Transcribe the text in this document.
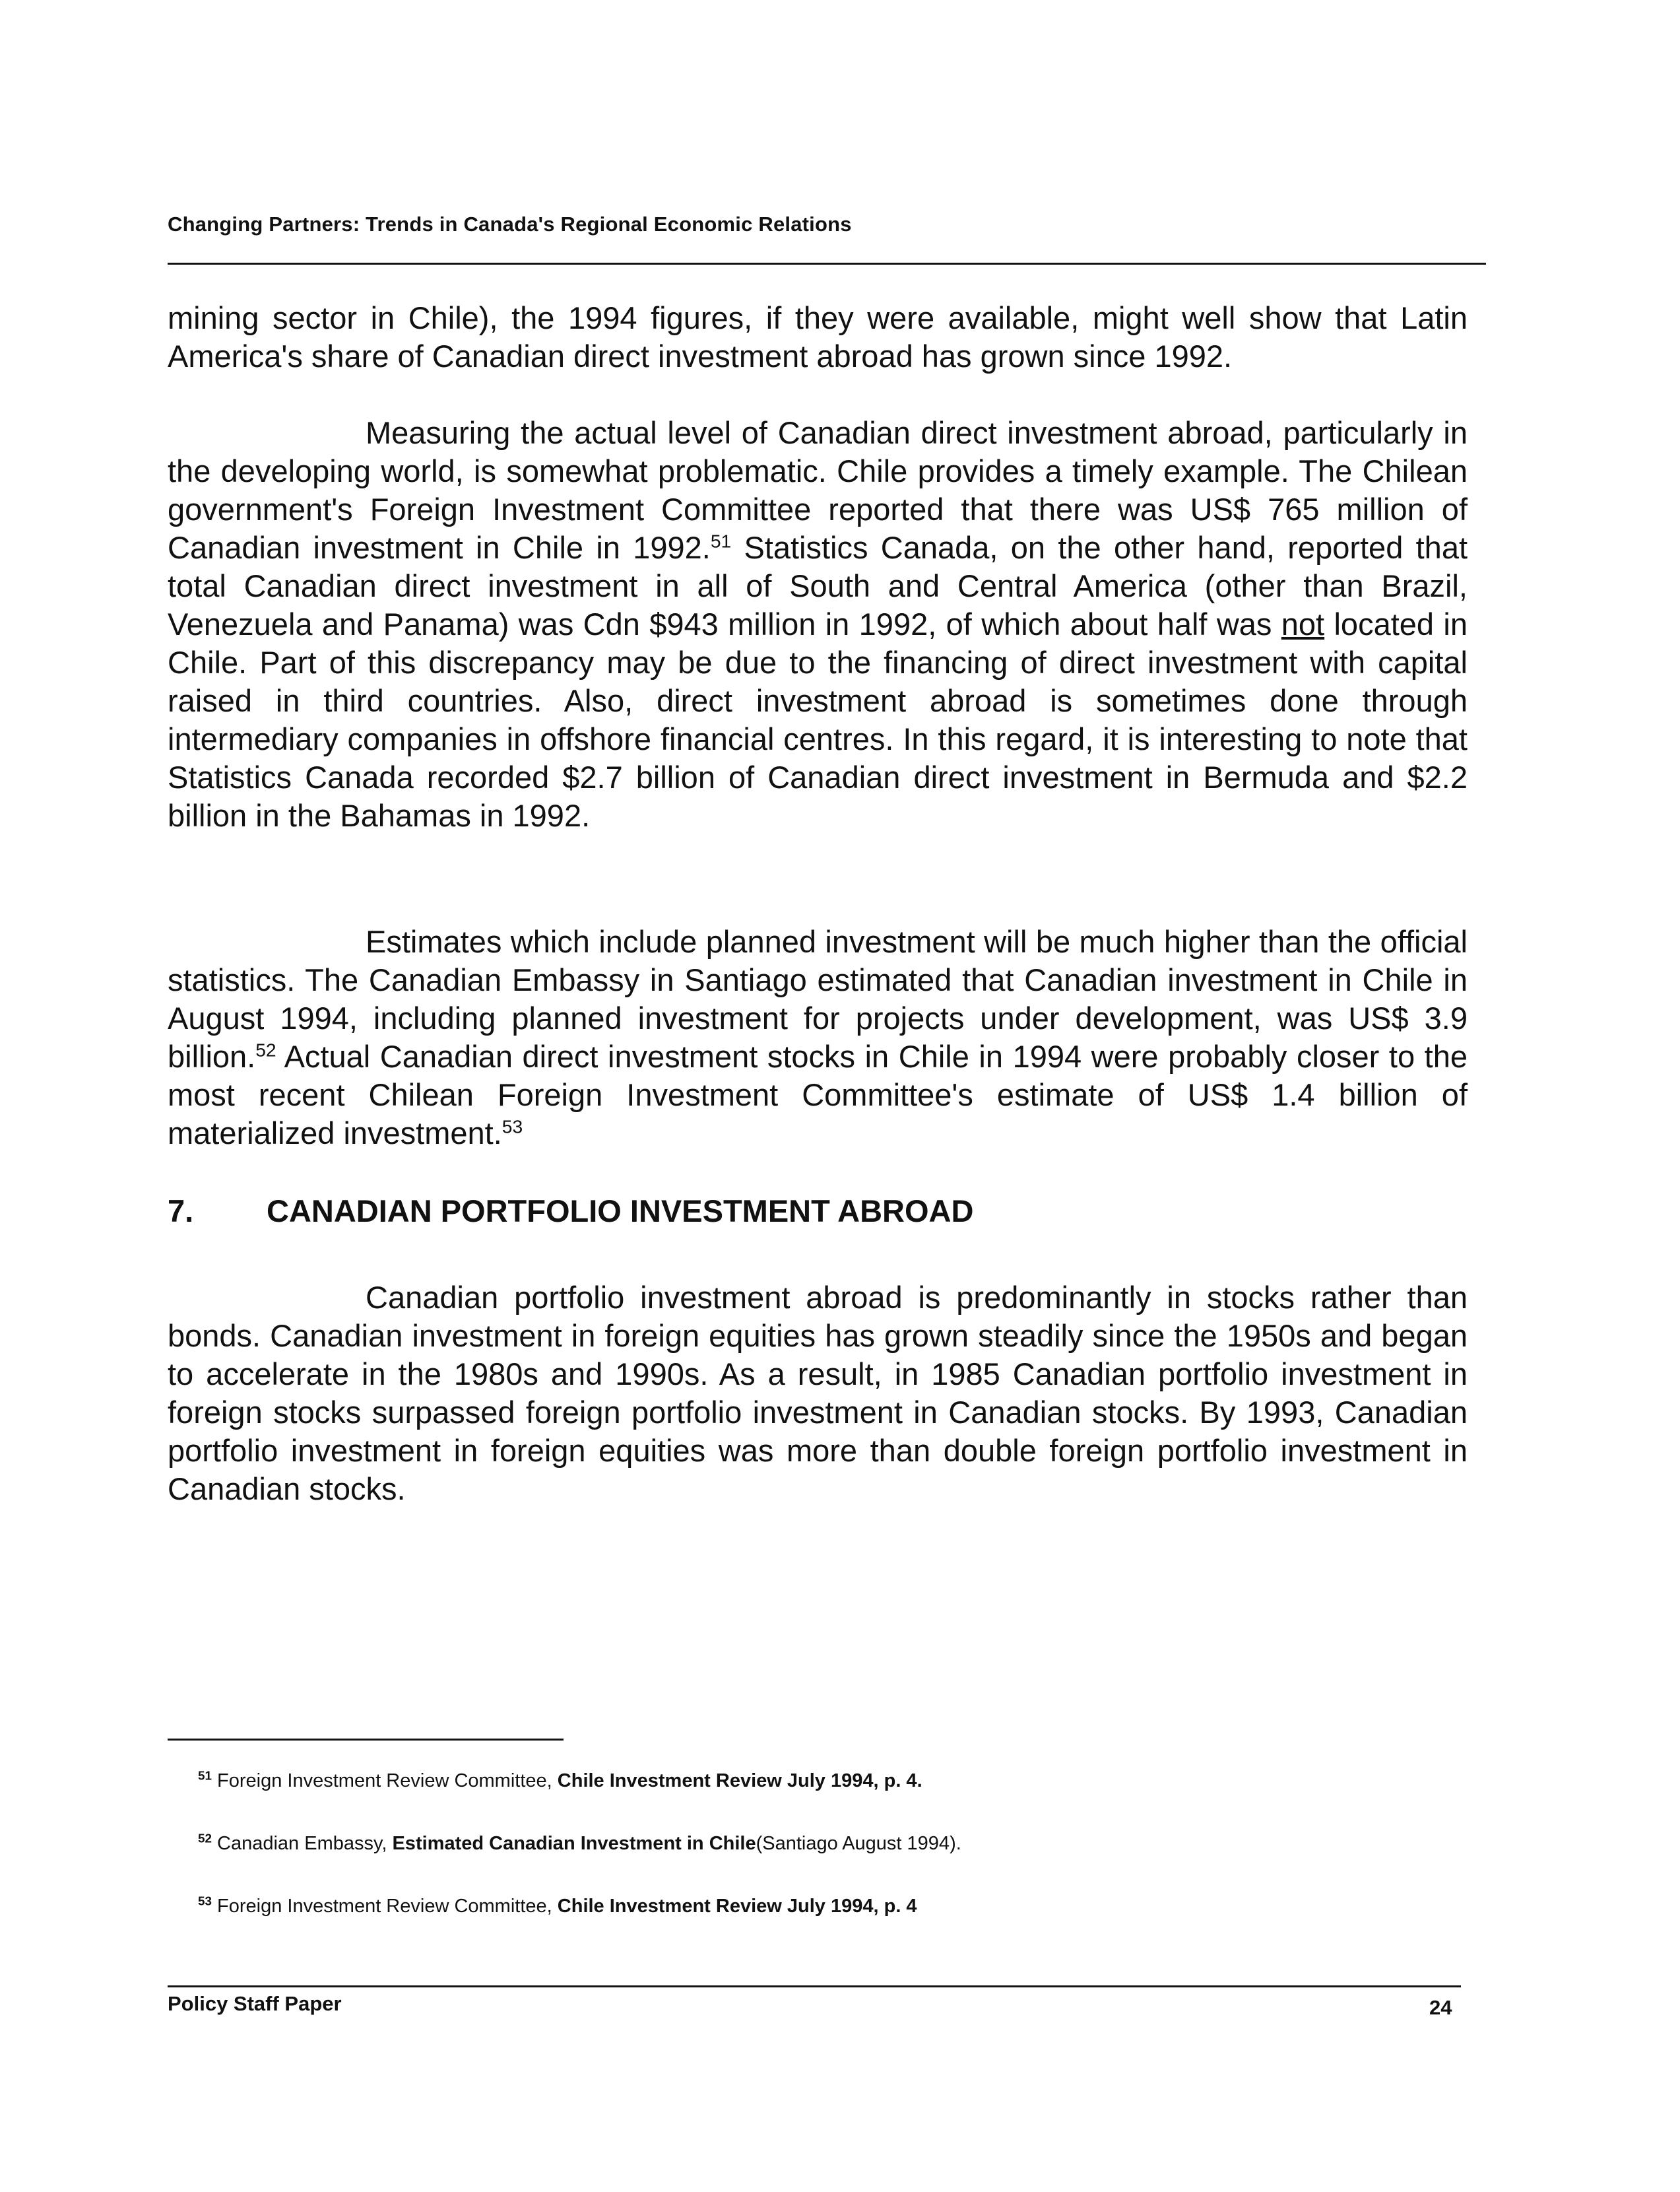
Changing Partners: Trends in Canada's Regional Economic Relations

mining sector in Chile), the 1994 figures, if they were available, might well show that Latin America's share of Canadian direct investment abroad has grown since 1992.

Measuring the actual level of Canadian direct investment abroad, particularly in the developing world, is somewhat problematic. Chile provides a timely example. The Chilean government's Foreign Investment Committee reported that there was US$ 765 million of Canadian investment in Chile in 1992.51 Statistics Canada, on the other hand, reported that total Canadian direct investment in all of South and Central America (other than Brazil, Venezuela and Panama) was Cdn $943 million in 1992, of which about half was not located in Chile. Part of this discrepancy may be due to the financing of direct investment with capital raised in third countries. Also, direct investment abroad is sometimes done through intermediary companies in offshore financial centres. In this regard, it is interesting to note that Statistics Canada recorded $2.7 billion of Canadian direct investment in Bermuda and $2.2 billion in the Bahamas in 1992.

Estimates which include planned investment will be much higher than the official statistics. The Canadian Embassy in Santiago estimated that Canadian investment in Chile in August 1994, including planned investment for projects under development, was US$ 3.9 billion.$^{52}$ Actual Canadian direct investment stocks in Chile in 1994 were probably closer to the most recent Chilean Foreign Investment Committee's estimate of US$ 1.4 billion of materialized investment.$^{53}$

7. CANADIAN PORTFOLIO INVESTMENT ABROAD

Canadian portfolio investment abroad is predominantly in stocks rather than bonds. Canadian investment in foreign equities has grown steadily since the 1950s and began to accelerate in the 1980s and 1990s. As a result, in 1985 Canadian portfolio investment in foreign stocks surpassed foreign portfolio investment in Canadian stocks. By 1993, Canadian portfolio investment in foreign equities was more than double foreign portfolio investment in Canadian stocks.

$^{51}$ Foreign Investment Review Committee, Chile Investment Review July 1994, p. 4.

$^{52}$ Canadian Embassy, Estimated Canadian Investment in Chile(Santiago August 1994).

$^{53}$ Foreign Investment Review Committee, Chile Investment Review July 1994, p. 4

Policy Staff Paper	24
